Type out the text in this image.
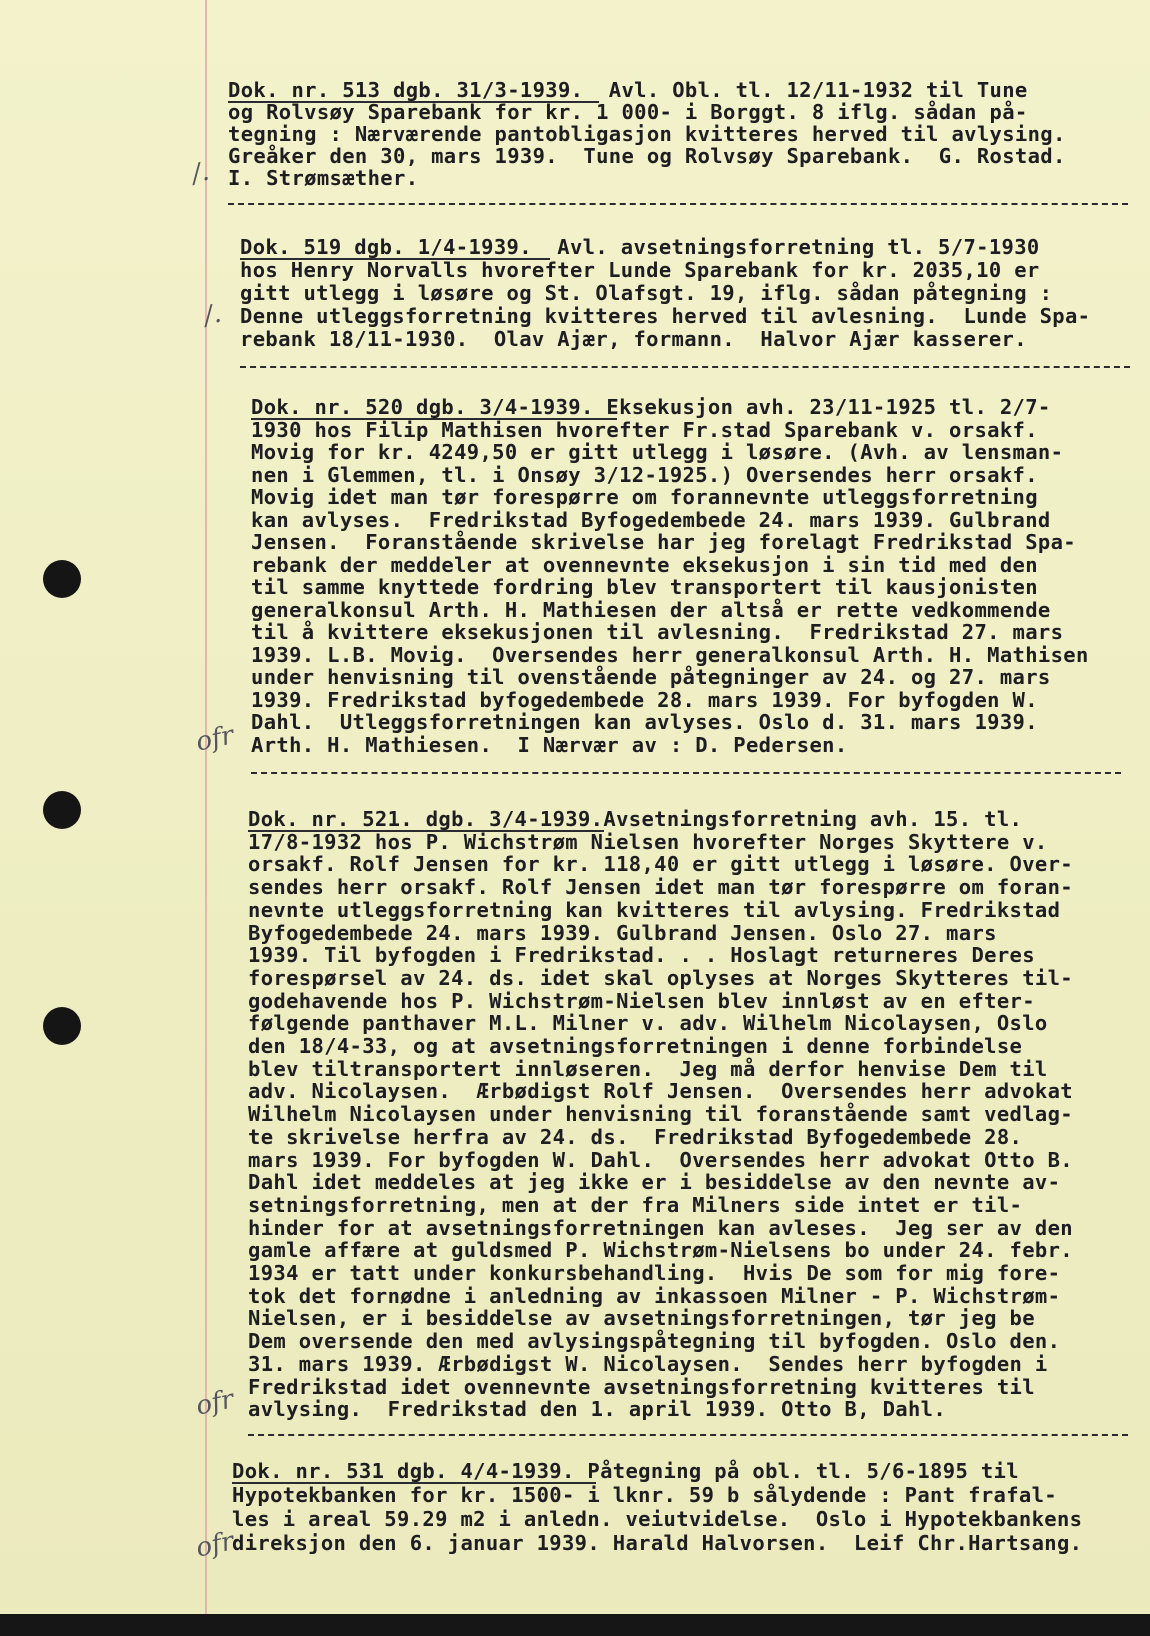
Dok. nr. 513 dgb. 31/3-1939.  Avl. Obl. tl. 12/11-1932 til Tune
og Rolvsøy Sparebank for kr. 1 000- i Borggt. 8 iflg. sådan på-
tegning : Nærværende pantobligasjon kvitteres herved til avlysing.
Greåker den 30, mars 1939.  Tune og Rolvsøy Sparebank.  G. Rostad.
I. Strømsæther.
/.
Dok. 519 dgb. 1/4-1939.  Avl. avsetningsforretning tl. 5/7-1930
hos Henry Norvalls hvorefter Lunde Sparebank for kr. 2035,10 er
gitt utlegg i løsøre og St. Olafsgt. 19, iflg. sådan påtegning :
Denne utleggsforretning kvitteres herved til avlesning.  Lunde Spa-
rebank 18/11-1930.  Olav Ajær, formann.  Halvor Ajær kasserer.
/.
Dok. nr. 520 dgb. 3/4-1939. Eksekusjon avh. 23/11-1925 tl. 2/7-
1930 hos Filip Mathisen hvorefter Fr.stad Sparebank v. orsakf.
Movig for kr. 4249,50 er gitt utlegg i løsøre. (Avh. av lensman-
nen i Glemmen, tl. i Onsøy 3/12-1925.) Oversendes herr orsakf.
Movig idet man tør forespørre om forannevnte utleggsforretning
kan avlyses.  Fredrikstad Byfogedembede 24. mars 1939. Gulbrand
Jensen.  Foranstående skrivelse har jeg forelagt Fredrikstad Spa-
rebank der meddeler at ovennevnte eksekusjon i sin tid med den
til samme knyttede fordring blev transportert til kausjonisten
generalkonsul Arth. H. Mathiesen der altså er rette vedkommende
til å kvittere eksekusjonen til avlesning.  Fredrikstad 27. mars
1939. L.B. Movig.  Oversendes herr generalkonsul Arth. H. Mathisen
under henvisning til ovenstående påtegninger av 24. og 27. mars
1939. Fredrikstad byfogedembede 28. mars 1939. For byfogden W.
Dahl.  Utleggsforretningen kan avlyses. Oslo d. 31. mars 1939.
Arth. H. Mathiesen.  I Nærvær av : D. Pedersen.
ofr
Dok. nr. 521. dgb. 3/4-1939.Avsetningsforretning avh. 15. tl.
17/8-1932 hos P. Wichstrøm Nielsen hvorefter Norges Skyttere v.
orsakf. Rolf Jensen for kr. 118,40 er gitt utlegg i løsøre. Over-
sendes herr orsakf. Rolf Jensen idet man tør forespørre om foran-
nevnte utleggsforretning kan kvitteres til avlysing. Fredrikstad
Byfogedembede 24. mars 1939. Gulbrand Jensen. Oslo 27. mars
1939. Til byfogden i Fredrikstad. . . Hoslagt returneres Deres
forespørsel av 24. ds. idet skal oplyses at Norges Skytteres til-
godehavende hos P. Wichstrøm-Nielsen blev innløst av en efter-
følgende panthaver M.L. Milner v. adv. Wilhelm Nicolaysen, Oslo
den 18/4-33, og at avsetningsforretningen i denne forbindelse
blev tiltransportert innløseren.  Jeg må derfor henvise Dem til
adv. Nicolaysen.  Ærbødigst Rolf Jensen.  Oversendes herr advokat
Wilhelm Nicolaysen under henvisning til foranstående samt vedlag-
te skrivelse herfra av 24. ds.  Fredrikstad Byfogedembede 28.
mars 1939. For byfogden W. Dahl.  Oversendes herr advokat Otto B.
Dahl idet meddeles at jeg ikke er i besiddelse av den nevnte av-
setningsforretning, men at der fra Milners side intet er til-
hinder for at avsetningsforretningen kan avleses.  Jeg ser av den
gamle affære at guldsmed P. Wichstrøm-Nielsens bo under 24. febr.
1934 er tatt under konkursbehandling.  Hvis De som for mig fore-
tok det fornødne i anledning av inkassoen Milner - P. Wichstrøm-
Nielsen, er i besiddelse av avsetningsforretningen, tør jeg be
Dem oversende den med avlysingspåtegning til byfogden. Oslo den.
31. mars 1939. Ærbødigst W. Nicolaysen.  Sendes herr byfogden i
Fredrikstad idet ovennevnte avsetningsforretning kvitteres til
avlysing.  Fredrikstad den 1. april 1939. Otto B, Dahl.
ofr
Dok. nr. 531 dgb. 4/4-1939. Påtegning på obl. tl. 5/6-1895 til
Hypotekbanken for kr. 1500- i lknr. 59 b sålydende : Pant frafal-
les i areal 59.29 m2 i anledn. veiutvidelse.  Oslo i Hypotekbankens
direksjon den 6. januar 1939. Harald Halvorsen.  Leif Chr.Hartsang.
ofr
